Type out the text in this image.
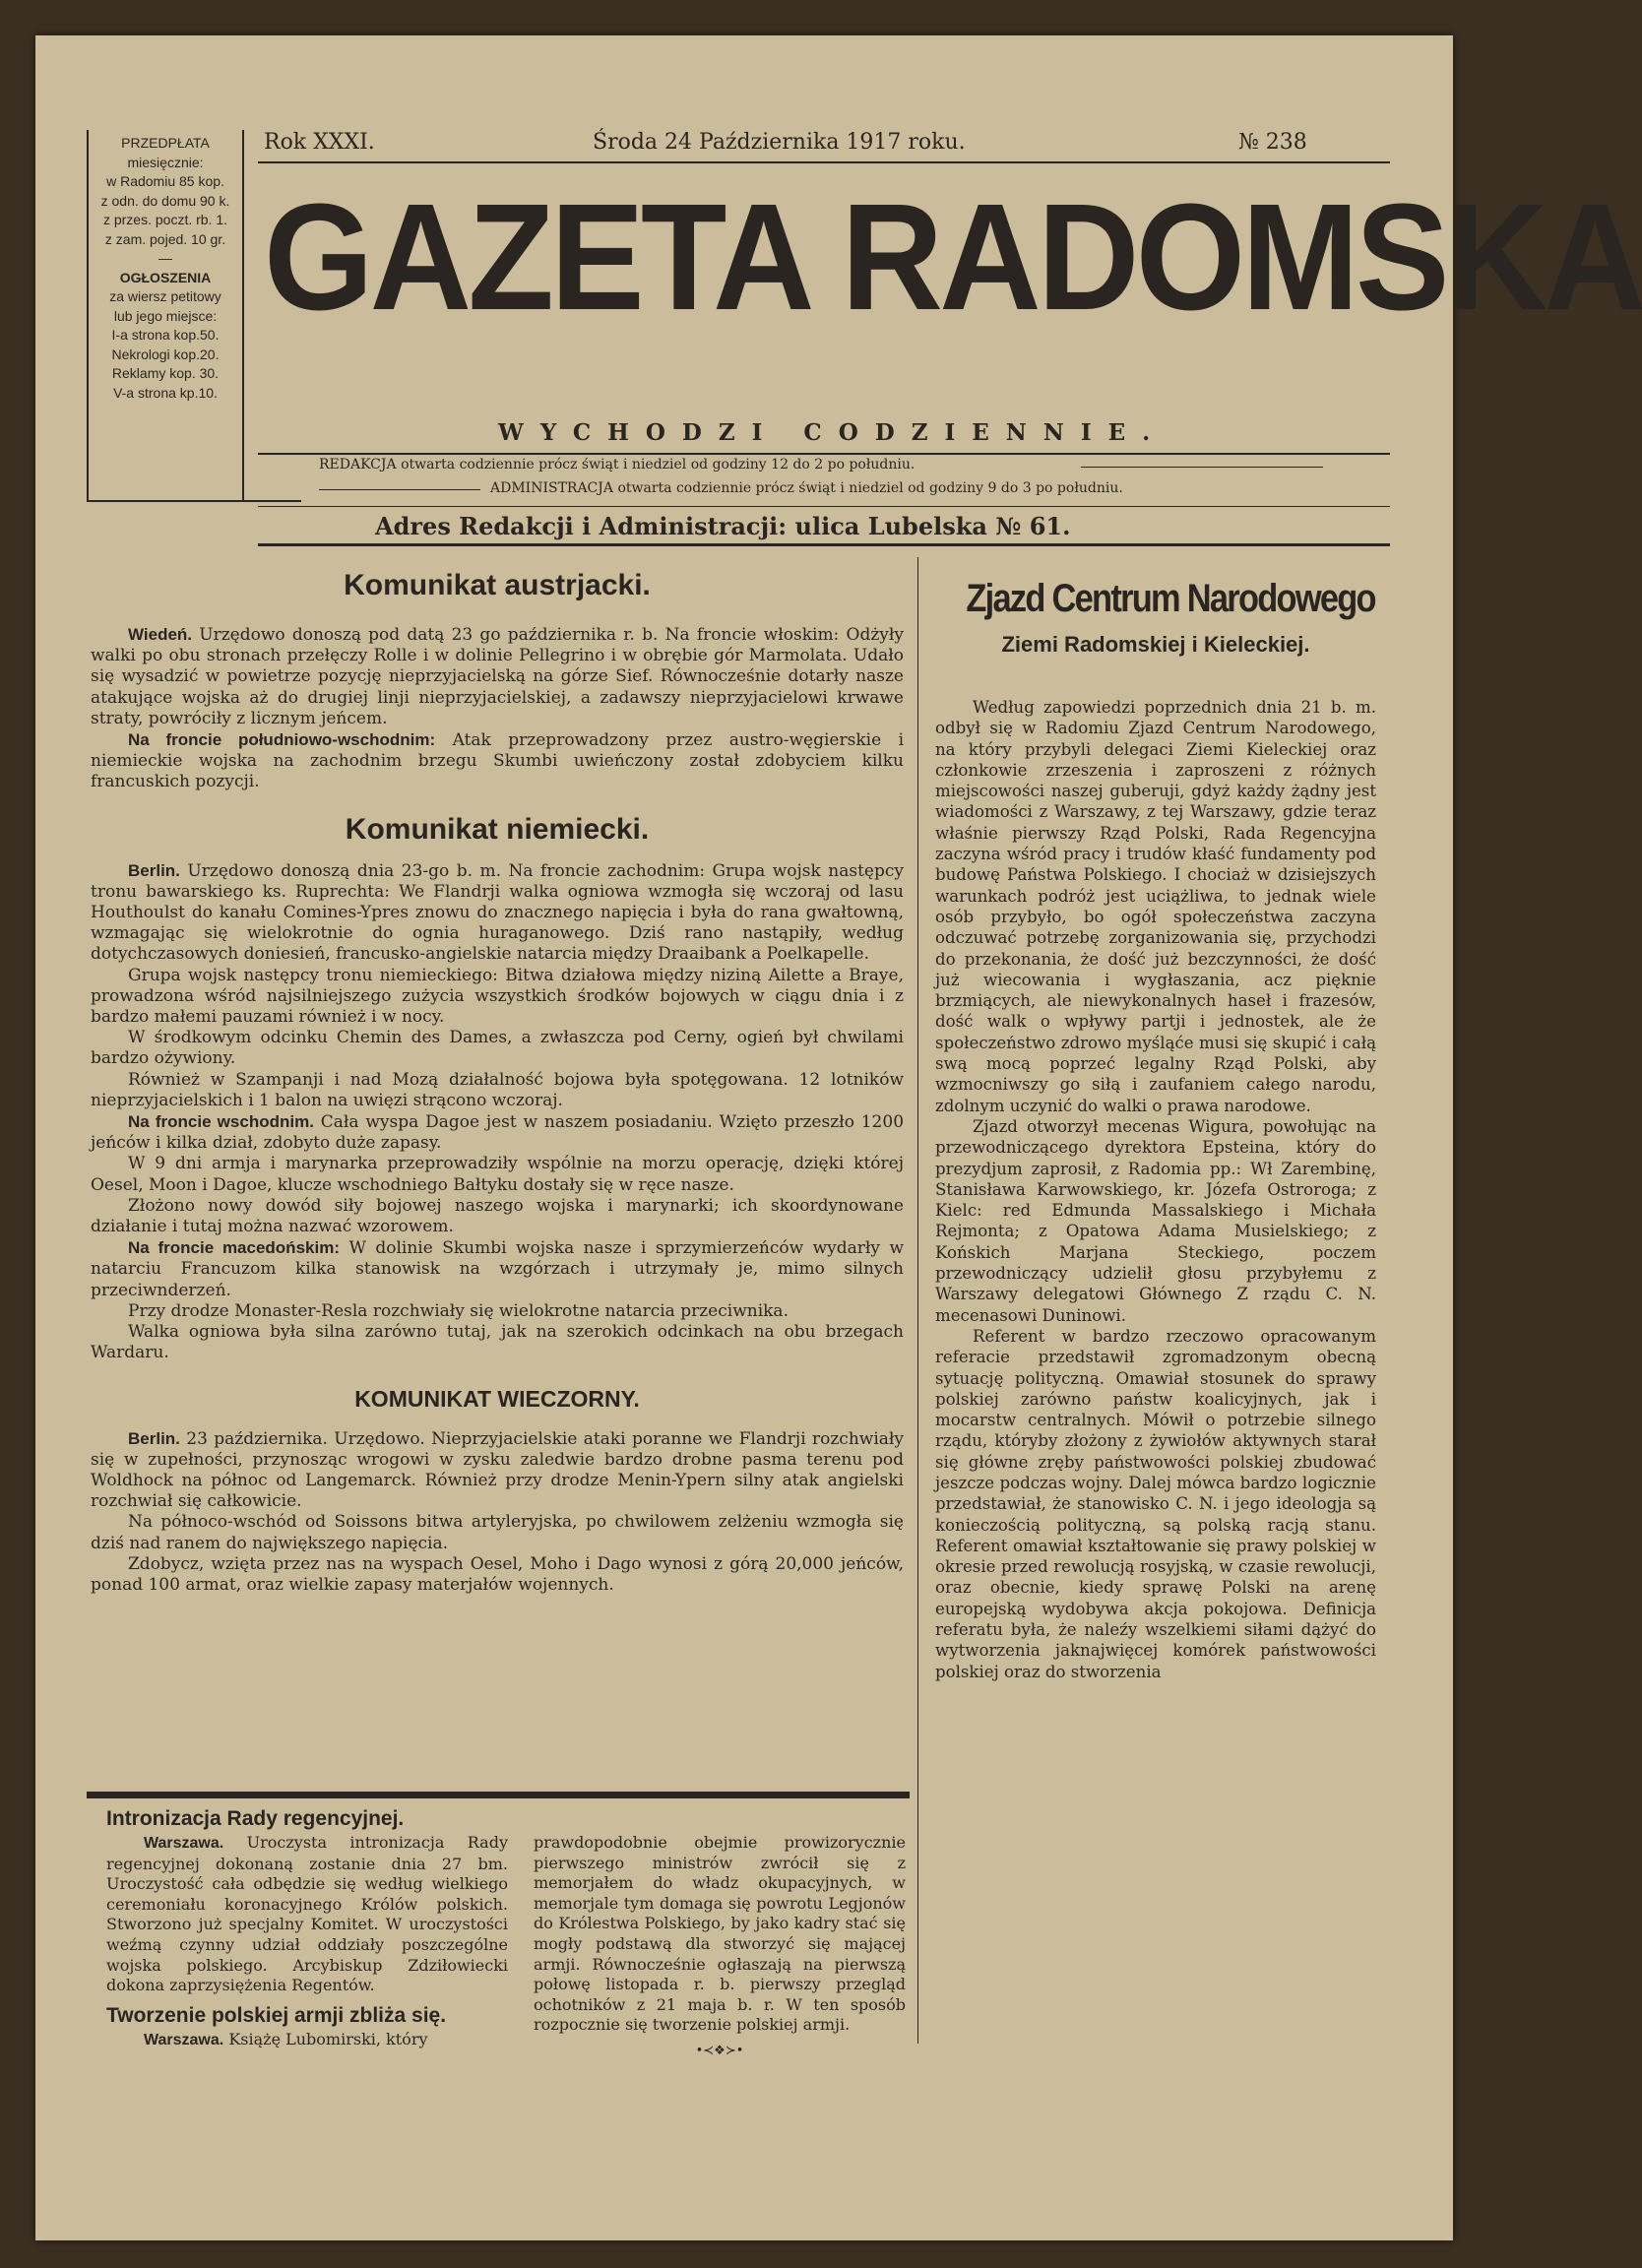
PRZEDPŁATA
miesięcznie:
w Radomiu 85 kop.
z odn. do domu 90 k.
z przes. poczt. rb. 1.
z zam. pojed. 10 gr.
—
OGŁOSZENIA
za wiersz petitowy
lub jego miejsce:
I-a strona kop.50.
Nekrologi kop.20.
Reklamy kop. 30.
V-a strona kp.10.
Rok XXXI.	Środa 24 Października 1917 roku.	№ 238
GAZETA RADOMSKA
WYCHODZI CODZIENNIE.
REDAKCJA otwarta codziennie prócz świąt i niedziel od godziny 12 do 2 po południu.
ADMINISTRACJA otwarta codziennie prócz świąt i niedziel od godziny 9 do 3 po południu.
Adres Redakcji i Administracji: ulica Lubelska № 61.
Komunikat austrjacki.

Wiedeń. Urzędowo donoszą pod datą 23 go października r. b. Na froncie włoskim: Odżyły walki po obu stronach przełęczy Rolle i w dolinie Pellegrino i w obrębie gór Marmolata. Udało się wysadzić w powietrze pozycję nieprzyjacielską na górze Sief. Równocześnie dotarły nasze atakujące wojska aż do drugiej linji nieprzyjacielskiej, a zadawszy nieprzyjacielowi krwawe straty, powróciły z licznym jeńcem.

Na froncie południowo-wschodnim: Atak przeprowadzony przez austro-węgierskie i niemieckie wojska na zachodnim brzegu Skumbi uwieńczony został zdobyciem kilku francuskich pozycji.

Komunikat niemiecki.

Berlin. Urzędowo donoszą dnia 23-go b. m. Na froncie zachodnim: Grupa wojsk następcy tronu bawarskiego ks. Ruprechta: We Flandrji walka ogniowa wzmogła się wczoraj od lasu Houthoulst do kanału Comines-Ypres znowu do znacznego napięcia i była do rana gwałtowną, wzmagając się wielokrotnie do ognia huraganowego. Dziś rano nastąpiły, według dotychczasowych doniesień, francusko-angielskie natarcia między Draaibank a Poelkapelle.

Grupa wojsk następcy tronu niemieckiego: Bitwa działowa między niziną Ailette a Braye, prowadzona wśród najsilniejszego zużycia wszystkich środków bojowych w ciągu dnia i z bardzo małemi pauzami również i w nocy.

W środkowym odcinku Chemin des Dames, a zwłaszcza pod Cerny, ogień był chwilami bardzo ożywiony.

Również w Szampanji i nad Mozą działalność bojowa była spotęgowana. 12 lotników nieprzyjacielskich i 1 balon na uwięzi strącono wczoraj.

Na froncie wschodnim. Cała wyspa Dagoe jest w naszem posiadaniu. Wzięto przeszło 1200 jeńców i kilka dział, zdobyto duże zapasy.

W 9 dni armja i marynarka przeprowadziły wspólnie na morzu operację, dzięki której Oesel, Moon i Dagoe, klucze wschodniego Bałtyku dostały się w ręce nasze.

Złożono nowy dowód siły bojowej naszego wojska i marynarki; ich skoordynowane działanie i tutaj można nazwać wzorowem.

Na froncie macedońskim: W dolinie Skumbi wojska nasze i sprzymierzeńców wydarły w natarciu Francuzom kilka stanowisk na wzgórzach i utrzymały je, mimo silnych przeciwnderzeń.

Przy drodze Monaster-Resla rozchwiały się wielokrotne natarcia przeciwnika.

Walka ogniowa była silna zarówno tutaj, jak na szerokich odcinkach na obu brzegach Wardaru.

KOMUNIKAT WIECZORNY.

Berlin. 23 października. Urzędowo. Nieprzyjacielskie ataki poranne we Flandrji rozchwiały się w zupełności, przynosząc wrogowi w zysku zaledwie bardzo drobne pasma terenu pod Woldhock na północ od Langemarck. Również przy drodze Menin-Ypern silny atak angielski rozchwiał się całkowicie.

Na północo-wschód od Soissons bitwa artyleryjska, po chwilowem zelżeniu wzmogła się dziś nad ranem do największego napięcia.

Zdobycz, wzięta przez nas na wyspach Oesel, Moho i Dago wynosi z górą 20,000 jeńców, ponad 100 armat, oraz wielkie zapasy materjałów wojennych.

Intronizacja Rady regencyjnej.

Warszawa. Uroczysta intronizacja Rady regencyjnej dokonaną zostanie dnia 27 bm. Uroczystość cała odbędzie się według wielkiego ceremoniału koronacyjnego Królów polskich. Stworzono już specjalny Komitet. W uroczystości weźmą czynny udział oddziały poszczególne wojska polskiego. Arcybiskup Zdziłowiecki dokona zaprzysiężenia Regentów.

Tworzenie polskiej armji zbliża się.

Warszawa. Książę Lubomirski, który

prawdopodobnie obejmie prowizorycznie pierwszego ministrów zwrócił się z memorjałem do władz okupacyjnych, w memorjale tym domaga się powrotu Legjonów do Królestwa Polskiego, by jako kadry stać się mogły podstawą dla stworzyć się mającej armji. Równocześnie ogłaszają na pierwszą połowę listopada r. b. pierwszy przegląd ochotników z 21 maja b. r. W ten sposób rozpocznie się tworzenie polskiej armji.

•≺❖≻•
Zjazd Centrum Narodowego
Ziemi Radomskiej i Kieleckiej.

Według zapowiedzi poprzednich dnia 21 b. m. odbył się w Radomiu Zjazd Centrum Narodowego, na który przybyli delegaci Ziemi Kieleckiej oraz członkowie zrzeszenia i zaproszeni z różnych miejscowości naszej guberuji, gdyż każdy żądny jest wiadomości z Warszawy, z tej Warszawy, gdzie teraz właśnie pierwszy Rząd Polski, Rada Regencyjna zaczyna wśród pracy i trudów kłaść fundamenty pod budowę Państwa Polskiego. I chociaż w dzisiejszych warunkach podróż jest uciążliwa, to jednak wiele osób przybyło, bo ogół społeczeństwa zaczyna odczuwać potrzebę zorganizowania się, przychodzi do przekonania, że dość już bezczynności, że dość już wiecowania i wygłaszania, acz pięknie brzmiących, ale niewykonalnych haseł i frazesów, dość walk o wpływy partji i jednostek, ale że społeczeństwo zdrowo myśląće musi się skupić i całą swą mocą poprzeć legalny Rząd Polski, aby wzmocniwszy go siłą i zaufaniem całego narodu, zdolnym uczynić do walki o prawa narodowe.

Zjazd otworzył mecenas Wigura, powołując na przewodniczącego dyrektora Epsteina, który do prezydjum zaprosił, z Radomia pp.: Wł Zarembinę, Stanisława Karwowskiego, kr. Józefa Ostroroga; z Kielc: red Edmunda Massalskiego i Michała Rejmonta; z Opatowa Adama Musielskiego; z Końskich Marjana Steckiego, poczem przewodniczący udzielił głosu przybyłemu z Warszawy delegatowi Głównego Z rządu C. N. mecenasowi Duninowi.

Referent w bardzo rzeczowo opracowanym referacie przedstawił zgromadzonym obecną sytuację polityczną. Omawiał stosunek do sprawy polskiej zarówno państw koalicyjnych, jak i mocarstw centralnych. Mówił o potrzebie silnego rządu, któryby złożony z żywiołów aktywnych starał się główne zręby państwowości polskiej zbudować jeszcze podczas wojny. Dalej mówca bardzo logicznie przedstawiał, że stanowisko C. N. i jego ideologja są konieczością polityczną, są polską racją stanu. Referent omawiał kształtowanie się prawy polskiej w okresie przed rewolucją rosyjską, w czasie rewolucji, oraz obecnie, kiedy sprawę Polski na arenę europejską wydobywa akcja pokojowa. Definicja referatu była, że naleźy wszelkiemi siłami dążyć do wytworzenia jaknajwięcej komórek państwowości polskiej oraz do stworzenia
